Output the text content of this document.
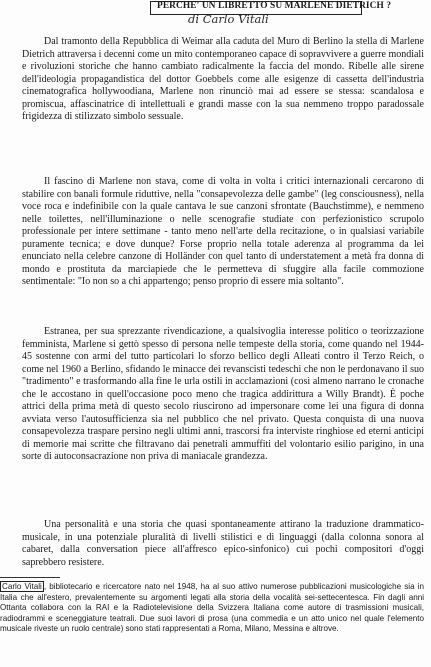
PERCHE' UN LIBRETTO SU MARLENE DIETRICH ?
di Carlo Vitali

Dal tramonto della Repubblica di Weimar alla caduta del Muro di Berlino la stella di Marlene Dietrich attraversa i decenni come un mito contemporaneo capace di sopravvivere a guerre mondiali e rivoluzioni storiche che hanno cambiato radicalmente la faccia del mondo. Ribelle alle sirene dell'ideologia propagandistica del dottor Goebbels come alle esigenze di cassetta dell'industria cinematografica hollywoodiana, Marlene non rinunciò mai ad essere se stessa: scandalosa e promiscua, affascinatrice di intellettuali e grandi masse con la sua nemmeno troppo paradossale frigidezza di stilizzato simbolo sessuale.

Il fascino di Marlene non stava, come di volta in volta i critici internazionali cercarono di stabilire con banali formule riduttive, nella "consapevolezza delle gambe" (leg consciousness), nella voce roca e indefinibile con la quale cantava le sue canzoni sfrontate (Bauchstimme), e nemmeno nelle toilettes, nell'illuminazione o nelle scenografie studiate con perfezionistico scrupolo professionale per intere settimane - tanto meno nell'arte della recitazione, o in qualsiasi variabile puramente tecnica; e dove dunque? Forse proprio nella totale aderenza al programma da lei enunciato nella celebre canzone di Holländer con quel tanto di understatement a metà fra donna di mondo e prostituta da marciapiede che le permetteva di sfuggire alla facile commozione sentimentale: "Io non so a chi appartengo; penso proprio di essere mia soltanto".

Estranea, per sua sprezzante rivendicazione, a qualsivoglia interesse politico o teorizzazione femminista, Marlene si gettò spesso di persona nelle tempeste della storia, come quando nel 1944-45 sostenne con armi del tutto particolari lo sforzo bellico degli Alleati contro il Terzo Reich, o come nel 1960 a Berlino, sfidando le minacce dei revanscisti tedeschi che non le perdonavano il suo "tradimento" e trasformando alla fine le urla ostili in acclamazioni (così almeno narrano le cronache che le accostano in quell'occasione poco meno che tragica addirittura a Willy Brandt). È poche attrici della prima metà di questo secolo riuscirono ad impersonare come lei una figura di donna avviata verso l'autosufficienza sia nel pubblico che nel privato. Questa conquista di una nuova consapevolezza traspare persino negli ultimi anni, trascorsi fra interviste ringhiose ed eterni anticipi di memorie mai scritte che filtravano dai penetrali ammuffiti del volontario esilio parigino, in una sorte di autoconsacrazione non priva di maniacale grandezza.

Una personalità e una storia che quasi spontaneamente attirano la traduzione drammatico-musicale, in una potenziale pluralità di livelli stilistici e di linguaggi (dalla colonna sonora al cabaret, dalla conversation piece all'affresco epico-sinfonico) cui pochi compositori d'oggi saprebbero resistere.

Carlo Vitali , bibliotecario e ricercatore nato nel 1948, ha al suo attivo numerose pubblicazioni musicologiche sia in Italia che all'estero, prevalentemente su argomenti legati alla storia della vocalità sei-settecentesca. Fin dagli anni Ottanta collabora con la RAI e la Radiotelevisione della Svizzera Italiana come autore di trasmissioni musicali, radiodrammi e sceneggiature teatrali. Due suoi lavori di prosa (una commedia e un atto unico nel quale l'elemento musicale riveste un ruolo centrale) sono stati rappresentati a Roma, Milano, Messina e altrove.
